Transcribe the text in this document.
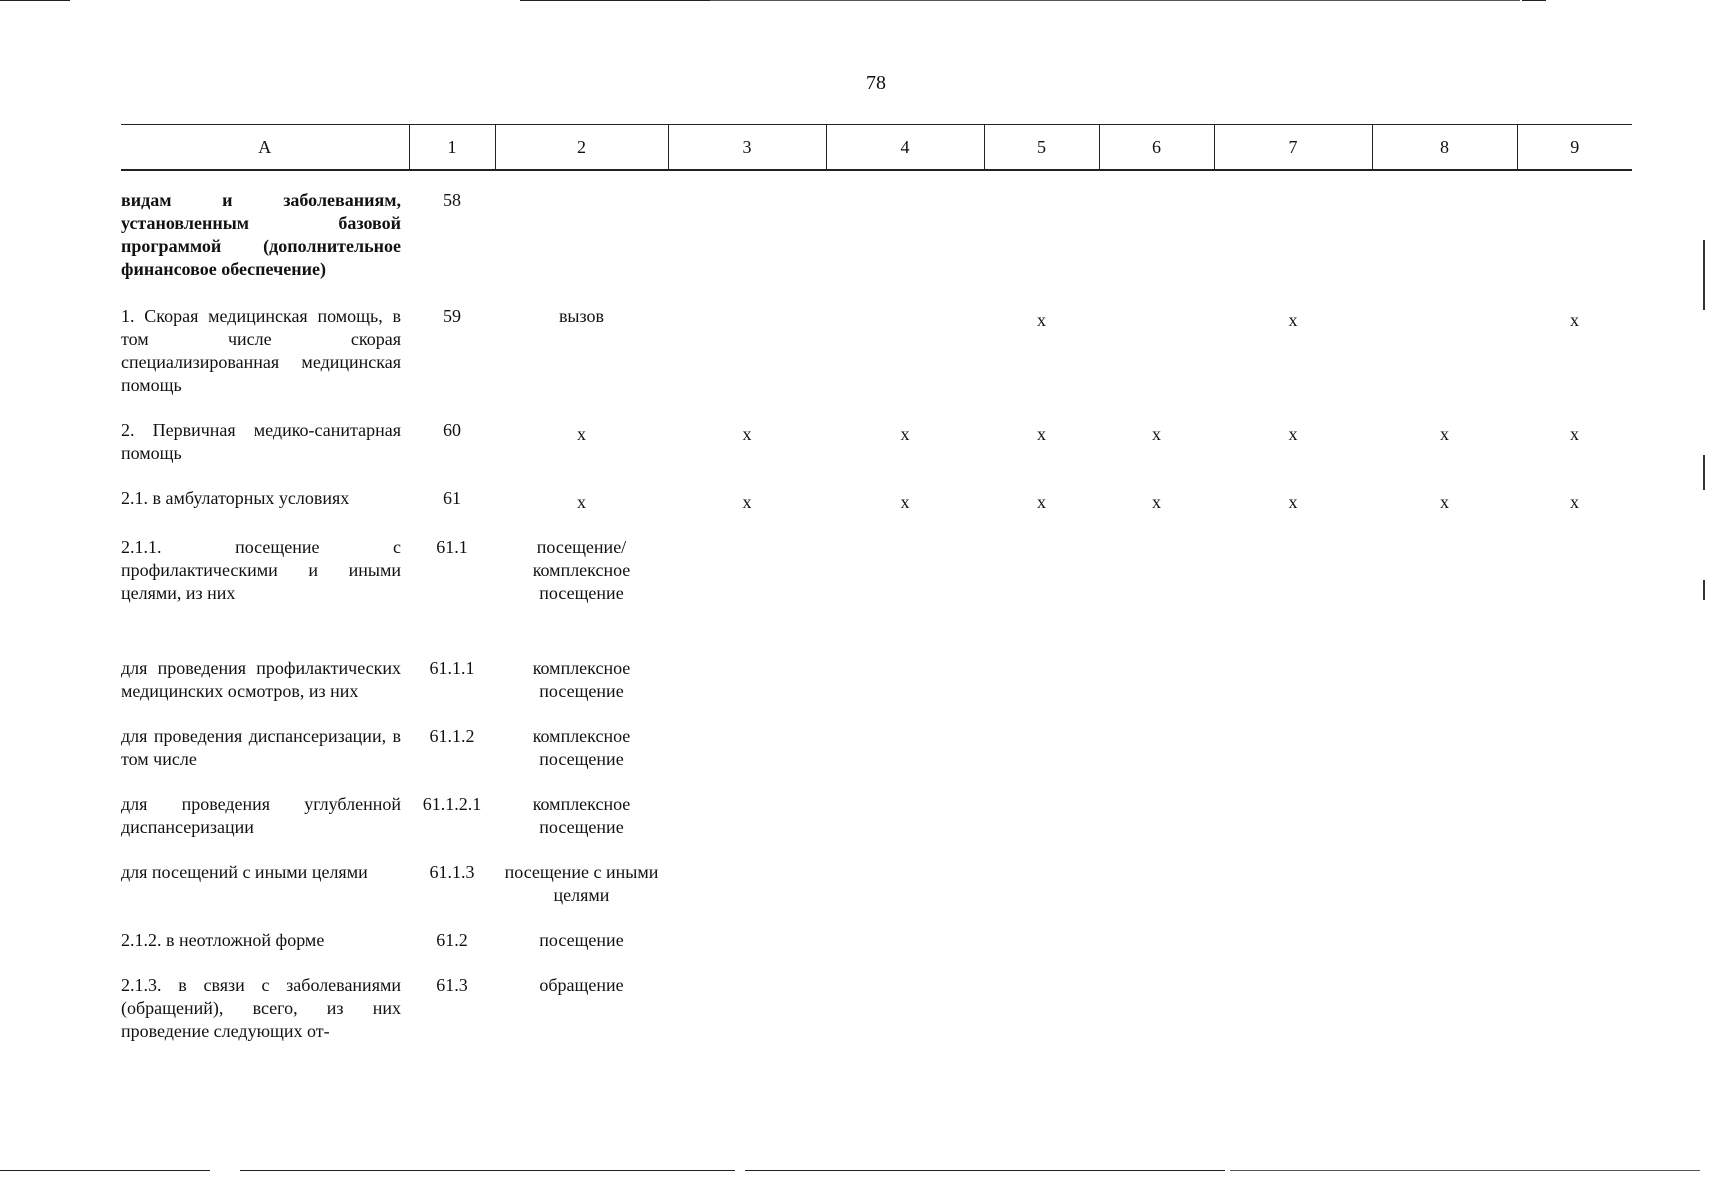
78
А	1	2	3	4	5	6	7	8	9
видам и заболеваниям, установленным базовой программой (дополнительное финансовое обеспечение)	58								
1. Скорая медицинская помощь, в том числе скорая специализированная медицинская помощь	59	вызов			х		х		х
2. Первичная медико-санитарная помощь	60	х	х	х	х	х	х	х	х
2.1. в амбулаторных условиях	61	х	х	х	х	х	х	х	х
2.1.1. посещение с профилактическими и иными целями, из них	61.1	посещение/ комплексное посещение							
для проведения профилактических медицинских осмотров, из них	61.1.1	комплексное посещение							
для проведения диспансеризации, в том числе	61.1.2	комплексное посещение							
для проведения углубленной диспансеризации	61.1.2.1	комплексное посещение							
для посещений с иными целями	61.1.3	посещение с иными целями							
2.1.2. в неотложной форме	61.2	посещение							
2.1.3. в связи с заболеваниями (обращений), всего, из них проведение следующих от-	61.3	обращение							
